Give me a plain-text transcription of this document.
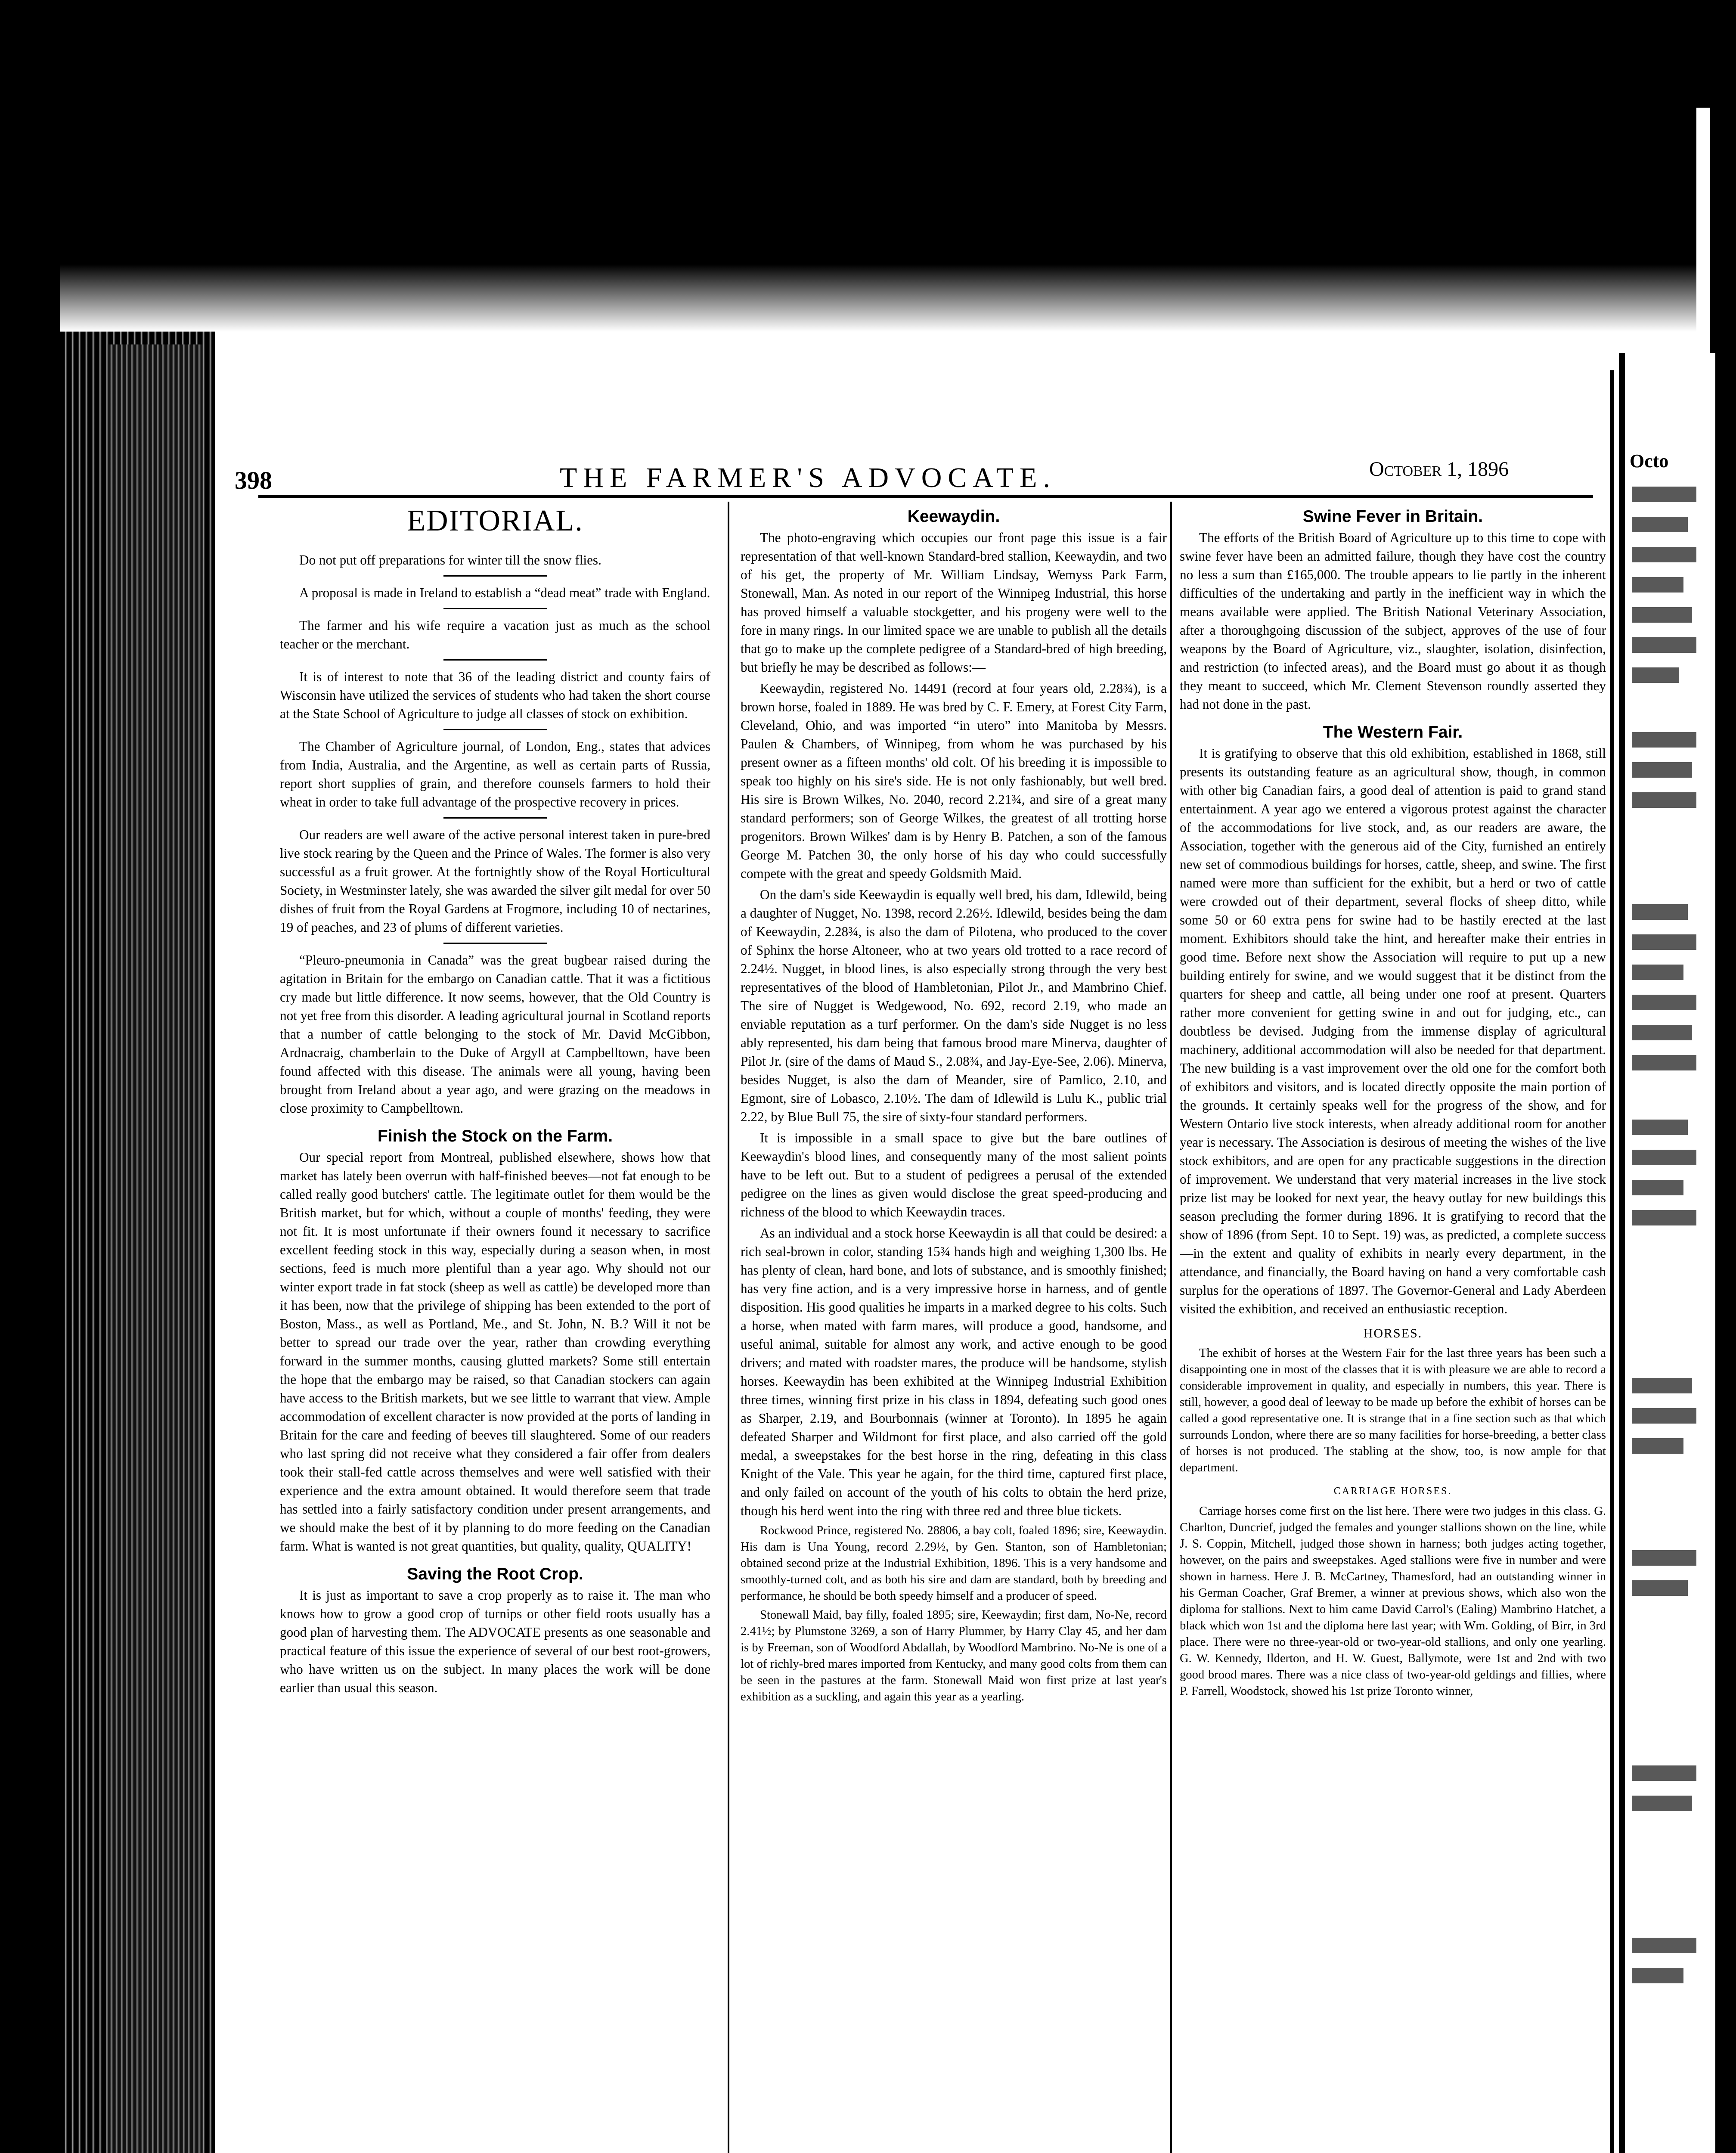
Octo
398	THE FARMER'S ADVOCATE.	October 1, 1896
EDITORIAL.

Do not put off preparations for winter till the snow flies.

A proposal is made in Ireland to establish a “dead meat” trade with England.

The farmer and his wife require a vacation just as much as the school teacher or the merchant.

It is of interest to note that 36 of the leading district and county fairs of Wisconsin have utilized the services of students who had taken the short course at the State School of Agriculture to judge all classes of stock on exhibition.

The Chamber of Agriculture journal, of London, Eng., states that advices from India, Australia, and the Argentine, as well as certain parts of Russia, report short supplies of grain, and therefore counsels farmers to hold their wheat in order to take full advantage of the prospective recovery in prices.

Our readers are well aware of the active personal interest taken in pure-bred live stock rearing by the Queen and the Prince of Wales. The former is also very successful as a fruit grower. At the fortnightly show of the Royal Horticultural Society, in Westminster lately, she was awarded the silver gilt medal for over 50 dishes of fruit from the Royal Gardens at Frogmore, including 10 of nectarines, 19 of peaches, and 23 of plums of different varieties.

“Pleuro-pneumonia in Canada” was the great bugbear raised during the agitation in Britain for the embargo on Canadian cattle. That it was a fictitious cry made but little difference. It now seems, however, that the Old Country is not yet free from this disorder. A leading agricultural journal in Scotland reports that a number of cattle belonging to the stock of Mr. David McGibbon, Ardnacraig, chamberlain to the Duke of Argyll at Campbelltown, have been found affected with this disease. The animals were all young, having been brought from Ireland about a year ago, and were grazing on the meadows in close proximity to Campbelltown.

Finish the Stock on the Farm.

Our special report from Montreal, published elsewhere, shows how that market has lately been overrun with half-finished beeves—not fat enough to be called really good butchers' cattle. The legitimate outlet for them would be the British market, but for which, without a couple of months' feeding, they were not fit. It is most unfortunate if their owners found it necessary to sacrifice excellent feeding stock in this way, especially during a season when, in most sections, feed is much more plentiful than a year ago. Why should not our winter export trade in fat stock (sheep as well as cattle) be developed more than it has been, now that the privilege of shipping has been extended to the port of Boston, Mass., as well as Portland, Me., and St. John, N. B.? Will it not be better to spread our trade over the year, rather than crowding everything forward in the summer months, causing glutted markets? Some still entertain the hope that the embargo may be raised, so that Canadian stockers can again have access to the British markets, but we see little to warrant that view. Ample accommodation of excellent character is now provided at the ports of landing in Britain for the care and feeding of beeves till slaughtered. Some of our readers who last spring did not receive what they considered a fair offer from dealers took their stall-fed cattle across themselves and were well satisfied with their experience and the extra amount obtained. It would therefore seem that trade has settled into a fairly satisfactory condition under present arrangements, and we should make the best of it by planning to do more feeding on the Canadian farm. What is wanted is not great quantities, but quality, quality, QUALITY!

Saving the Root Crop.

It is just as important to save a crop properly as to raise it. The man who knows how to grow a good crop of turnips or other field roots usually has a good plan of harvesting them. The ADVOCATE presents as one seasonable and practical feature of this issue the experience of several of our best root-growers, who have written us on the subject. In many places the work will be done earlier than usual this season.

Keewaydin.

The photo-engraving which occupies our front page this issue is a fair representation of that well-known Standard-bred stallion, Keewaydin, and two of his get, the property of Mr. William Lindsay, Wemyss Park Farm, Stonewall, Man. As noted in our report of the Winnipeg Industrial, this horse has proved himself a valuable stockgetter, and his progeny were well to the fore in many rings. In our limited space we are unable to publish all the details that go to make up the complete pedigree of a Standard-bred of high breeding, but briefly he may be described as follows:—

Keewaydin, registered No. 14491 (record at four years old, 2.28¾), is a brown horse, foaled in 1889. He was bred by C. F. Emery, at Forest City Farm, Cleveland, Ohio, and was imported “in utero” into Manitoba by Messrs. Paulen & Chambers, of Winnipeg, from whom he was purchased by his present owner as a fifteen months' old colt. Of his breeding it is impossible to speak too highly on his sire's side. He is not only fashionably, but well bred. His sire is Brown Wilkes, No. 2040, record 2.21¾, and sire of a great many standard performers; son of George Wilkes, the greatest of all trotting horse progenitors. Brown Wilkes' dam is by Henry B. Patchen, a son of the famous George M. Patchen 30, the only horse of his day who could successfully compete with the great and speedy Goldsmith Maid.

On the dam's side Keewaydin is equally well bred, his dam, Idlewild, being a daughter of Nugget, No. 1398, record 2.26½. Idlewild, besides being the dam of Keewaydin, 2.28¾, is also the dam of Pilotena, who produced to the cover of Sphinx the horse Altoneer, who at two years old trotted to a race record of 2.24½. Nugget, in blood lines, is also especially strong through the very best representatives of the blood of Hambletonian, Pilot Jr., and Mambrino Chief. The sire of Nugget is Wedgewood, No. 692, record 2.19, who made an enviable reputation as a turf performer. On the dam's side Nugget is no less ably represented, his dam being that famous brood mare Minerva, daughter of Pilot Jr. (sire of the dams of Maud S., 2.08¾, and Jay-Eye-See, 2.06). Minerva, besides Nugget, is also the dam of Meander, sire of Pamlico, 2.10, and Egmont, sire of Lobasco, 2.10½. The dam of Idlewild is Lulu K., public trial 2.22, by Blue Bull 75, the sire of sixty-four standard performers.

It is impossible in a small space to give but the bare outlines of Keewaydin's blood lines, and consequently many of the most salient points have to be left out. But to a student of pedigrees a perusal of the extended pedigree on the lines as given would disclose the great speed-producing and richness of the blood to which Keewaydin traces.

As an individual and a stock horse Keewaydin is all that could be desired: a rich seal-brown in color, standing 15¾ hands high and weighing 1,300 lbs. He has plenty of clean, hard bone, and lots of substance, and is smoothly finished; has very fine action, and is a very impressive horse in harness, and of gentle disposition. His good qualities he imparts in a marked degree to his colts. Such a horse, when mated with farm mares, will produce a good, handsome, and useful animal, suitable for almost any work, and active enough to be good drivers; and mated with roadster mares, the produce will be handsome, stylish horses. Keewaydin has been exhibited at the Winnipeg Industrial Exhibition three times, winning first prize in his class in 1894, defeating such good ones as Sharper, 2.19, and Bourbonnais (winner at Toronto). In 1895 he again defeated Sharper and Wildmont for first place, and also carried off the gold medal, a sweepstakes for the best horse in the ring, defeating in this class Knight of the Vale. This year he again, for the third time, captured first place, and only failed on account of the youth of his colts to obtain the herd prize, though his herd went into the ring with three red and three blue tickets.

Rockwood Prince, registered No. 28806, a bay colt, foaled 1896; sire, Keewaydin. His dam is Una Young, record 2.29½, by Gen. Stanton, son of Hambletonian; obtained second prize at the Industrial Exhibition, 1896. This is a very handsome and smoothly-turned colt, and as both his sire and dam are standard, both by breeding and performance, he should be both speedy himself and a producer of speed.

Stonewall Maid, bay filly, foaled 1895; sire, Keewaydin; first dam, No-Ne, record 2.41½; by Plumstone 3269, a son of Harry Plummer, by Harry Clay 45, and her dam is by Freeman, son of Woodford Abdallah, by Woodford Mambrino. No-Ne is one of a lot of richly-bred mares imported from Kentucky, and many good colts from them can be seen in the pastures at the farm. Stonewall Maid won first prize at last year's exhibition as a suckling, and again this year as a yearling.

Swine Fever in Britain.

The efforts of the British Board of Agriculture up to this time to cope with swine fever have been an admitted failure, though they have cost the country no less a sum than £165,000. The trouble appears to lie partly in the inherent difficulties of the undertaking and partly in the inefficient way in which the means available were applied. The British National Veterinary Association, after a thoroughgoing discussion of the subject, approves of the use of four weapons by the Board of Agriculture, viz., slaughter, isolation, disinfection, and restriction (to infected areas), and the Board must go about it as though they meant to succeed, which Mr. Clement Stevenson roundly asserted they had not done in the past.

The Western Fair.

It is gratifying to observe that this old exhibition, established in 1868, still presents its outstanding feature as an agricultural show, though, in common with other big Canadian fairs, a good deal of attention is paid to grand stand entertainment. A year ago we entered a vigorous protest against the character of the accommodations for live stock, and, as our readers are aware, the Association, together with the generous aid of the City, furnished an entirely new set of commodious buildings for horses, cattle, sheep, and swine. The first named were more than sufficient for the exhibit, but a herd or two of cattle were crowded out of their department, several flocks of sheep ditto, while some 50 or 60 extra pens for swine had to be hastily erected at the last moment. Exhibitors should take the hint, and hereafter make their entries in good time. Before next show the Association will require to put up a new building entirely for swine, and we would suggest that it be distinct from the quarters for sheep and cattle, all being under one roof at present. Quarters rather more convenient for getting swine in and out for judging, etc., can doubtless be devised. Judging from the immense display of agricultural machinery, additional accommodation will also be needed for that department. The new building is a vast improvement over the old one for the comfort both of exhibitors and visitors, and is located directly opposite the main portion of the grounds. It certainly speaks well for the progress of the show, and for Western Ontario live stock interests, when already additional room for another year is necessary. The Association is desirous of meeting the wishes of the live stock exhibitors, and are open for any practicable suggestions in the direction of improvement. We understand that very material increases in the live stock prize list may be looked for next year, the heavy outlay for new buildings this season precluding the former during 1896. It is gratifying to record that the show of 1896 (from Sept. 10 to Sept. 19) was, as predicted, a complete success—in the extent and quality of exhibits in nearly every department, in the attendance, and financially, the Board having on hand a very comfortable cash surplus for the operations of 1897. The Governor-General and Lady Aberdeen visited the exhibition, and received an enthusiastic reception.

HORSES.

The exhibit of horses at the Western Fair for the last three years has been such a disappointing one in most of the classes that it is with pleasure we are able to record a considerable improvement in quality, and especially in numbers, this year. There is still, however, a good deal of leeway to be made up before the exhibit of horses can be called a good representative one. It is strange that in a fine section such as that which surrounds London, where there are so many facilities for horse-breeding, a better class of horses is not produced. The stabling at the show, too, is now ample for that department.

CARRIAGE HORSES.

Carriage horses come first on the list here. There were two judges in this class. G. Charlton, Duncrief, judged the females and younger stallions shown on the line, while J. S. Coppin, Mitchell, judged those shown in harness; both judges acting together, however, on the pairs and sweepstakes. Aged stallions were five in number and were shown in harness. Here J. B. McCartney, Thamesford, had an outstanding winner in his German Coacher, Graf Bremer, a winner at previous shows, which also won the diploma for stallions. Next to him came David Carrol's (Ealing) Mambrino Hatchet, a black which won 1st and the diploma here last year; with Wm. Golding, of Birr, in 3rd place. There were no three-year-old or two-year-old stallions, and only one yearling. G. W. Kennedy, Ilderton, and H. W. Guest, Ballymote, were 1st and 2nd with two good brood mares. There was a nice class of two-year-old geldings and fillies, where P. Farrell, Woodstock, showed his 1st prize Toronto winner,
